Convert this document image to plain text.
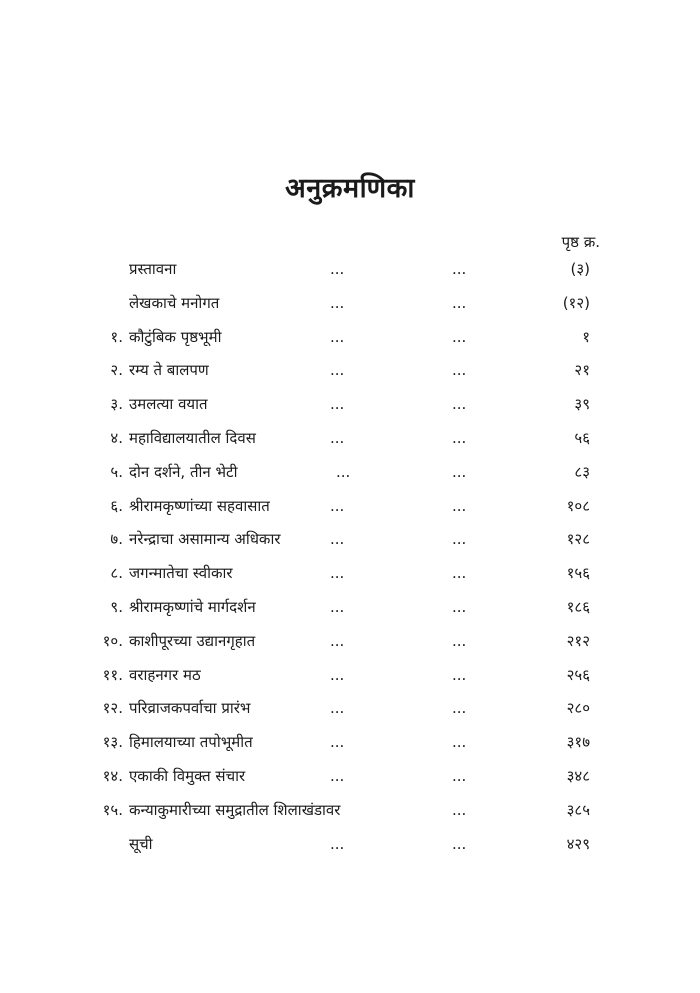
अनुक्रमणिका
पृष्ठ क्र.
प्रस्तावना	...	...	(३)
लेखकाचे मनोगत	...	...	(१२)
१. कौटुंबिक पृष्ठभूमी	...	...	१
२. रम्य ते बालपण	...	...	२१
३. उमलत्या वयात	...	...	३९
४. महाविद्यालयातील दिवस	...	...	५६
५. दोन दर्शने, तीन भेटी	...	...	८३
६. श्रीरामकृष्णांच्या सहवासात	...	...	१०८
७. नरेन्द्राचा असामान्य अधिकार	...	...	१२८
८. जगन्मातेचा स्वीकार	...	...	१५६
९. श्रीरामकृष्णांचे मार्गदर्शन	...	...	१८६
१०. काशीपूरच्या उद्यानगृहात	...	...	२१२
११. वराहनगर मठ	...	...	२५६
१२. परिव्राजकपर्वाचा प्रारंभ	...	...	२८०
१३. हिमालयाच्या तपोभूमीत	...	...	३१७
१४. एकाकी विमुक्त संचार	...	...	३४८
१५. कन्याकुमारीच्या समुद्रातील शिलाखंडावर	...	३८५
सूची	...	...	४२९
